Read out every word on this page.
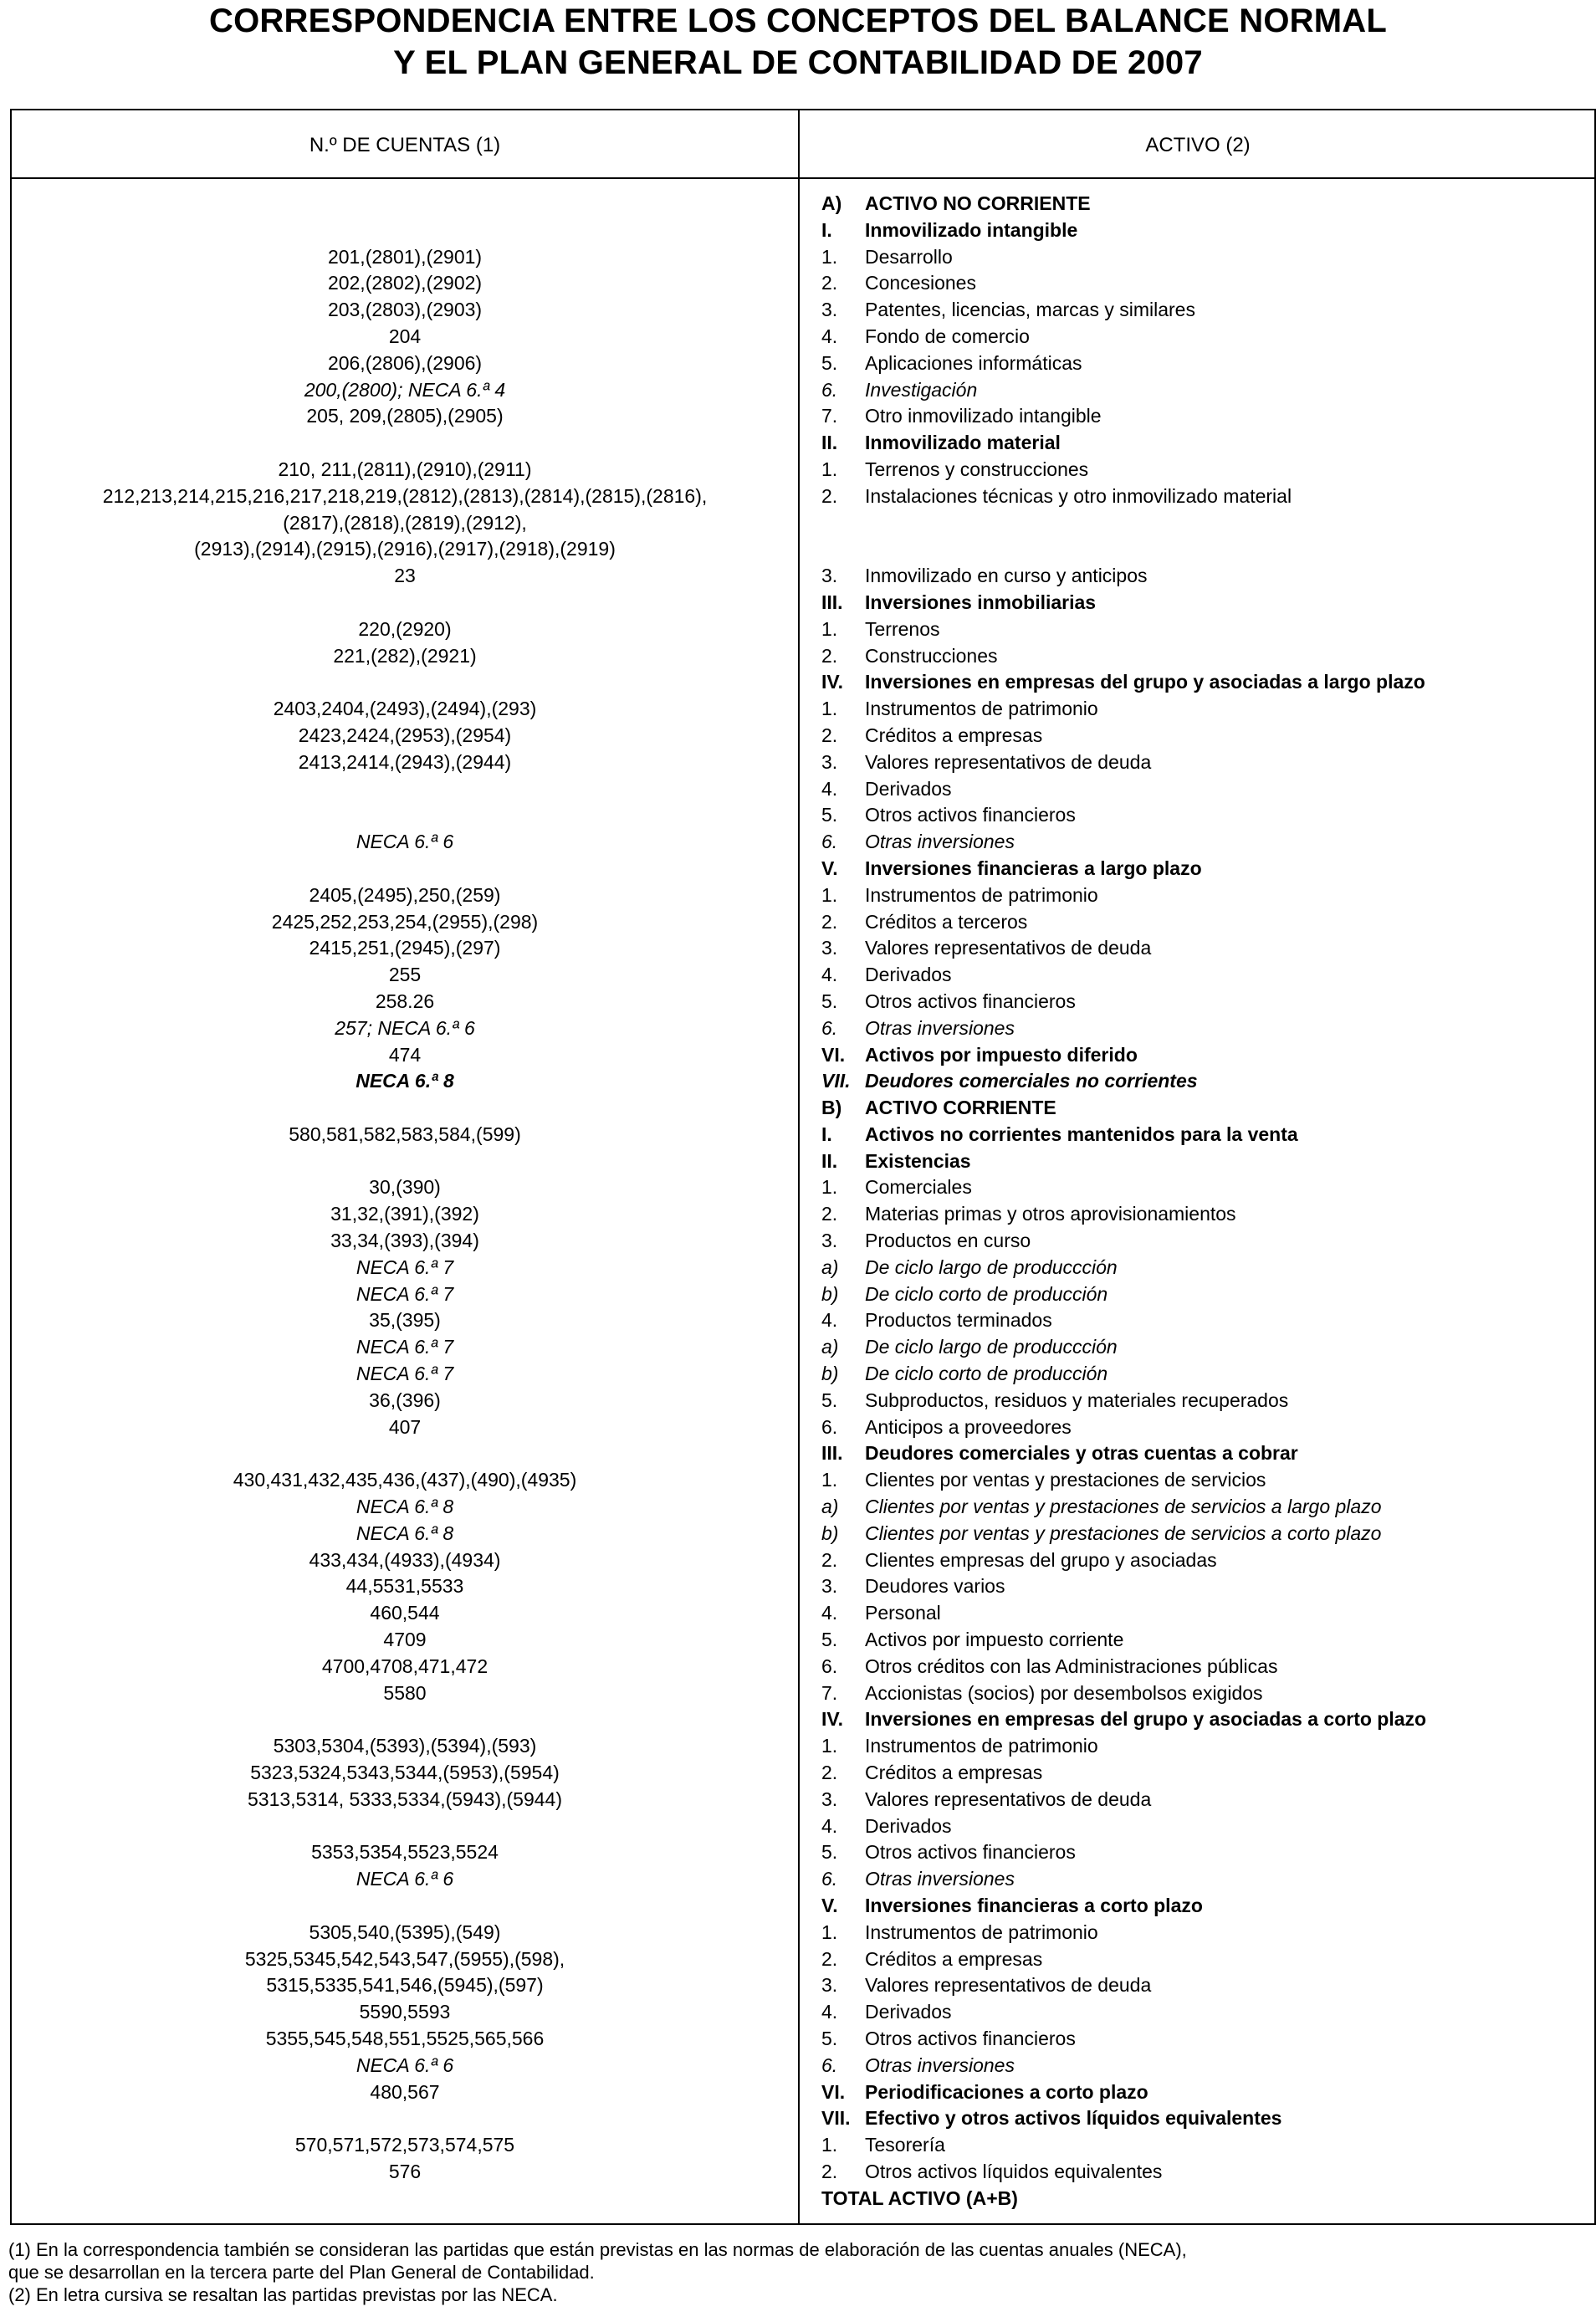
CORRESPONDENCIA ENTRE LOS CONCEPTOS DEL BALANCE NORMAL
Y EL PLAN GENERAL DE CONTABILIDAD DE 2007
N.º DE CUENTAS (1)	ACTIVO (2)
A) ACTIVO NO CORRIENTE
I. Inmovilizado intangible
201,(2801),(2901)	1. Desarrollo
202,(2802),(2902)	2. Concesiones
203,(2803),(2903)	3. Patentes, licencias, marcas y similares
204	4. Fondo de comercio
206,(2806),(2906)	5. Aplicaciones informáticas
200,(2800); NECA 6.ª 4	6. Investigación
205, 209,(2805),(2905)	7. Otro inmovilizado intangible
II. Inmovilizado material
210, 211,(2811),(2910),(2911)	1. Terrenos y construcciones
212,213,214,215,216,217,218,219,(2812),(2813),(2814),(2815),(2816),	2. Instalaciones técnicas y otro inmovilizado material
(2817),(2818),(2819),(2912),
(2913),(2914),(2915),(2916),(2917),(2918),(2919)
23	3. Inmovilizado en curso y anticipos
III. Inversiones inmobiliarias
220,(2920)	1. Terrenos
221,(282),(2921)	2. Construcciones
IV. Inversiones en empresas del grupo y asociadas a largo plazo
2403,2404,(2493),(2494),(293)	1. Instrumentos de patrimonio
2423,2424,(2953),(2954)	2. Créditos a empresas
2413,2414,(2943),(2944)	3. Valores representativos de deuda
4. Derivados
5. Otros activos financieros
NECA 6.ª 6	6. Otras inversiones
V. Inversiones financieras a largo plazo
2405,(2495),250,(259)	1. Instrumentos de patrimonio
2425,252,253,254,(2955),(298)	2. Créditos a terceros
2415,251,(2945),(297)	3. Valores representativos de deuda
255	4. Derivados
258.26	5. Otros activos financieros
257; NECA 6.ª 6	6. Otras inversiones
474	VI. Activos por impuesto diferido
NECA 6.ª 8	VII. Deudores comerciales no corrientes
B) ACTIVO CORRIENTE
580,581,582,583,584,(599)	I. Activos no corrientes mantenidos para la venta
II. Existencias
30,(390)	1. Comerciales
31,32,(391),(392)	2. Materias primas y otros aprovisionamientos
33,34,(393),(394)	3. Productos en curso
NECA 6.ª 7	a) De ciclo largo de produccción
NECA 6.ª 7	b) De ciclo corto de producción
35,(395)	4. Productos terminados
NECA 6.ª 7	a) De ciclo largo de produccción
NECA 6.ª 7	b) De ciclo corto de producción
36,(396)	5. Subproductos, residuos y materiales recuperados
407	6. Anticipos a proveedores
III. Deudores comerciales y otras cuentas a cobrar
430,431,432,435,436,(437),(490),(4935)	1. Clientes por ventas y prestaciones de servicios
NECA 6.ª 8	a) Clientes por ventas y prestaciones de servicios a largo plazo
NECA 6.ª 8	b) Clientes por ventas y prestaciones de servicios a corto plazo
433,434,(4933),(4934)	2. Clientes empresas del grupo y asociadas
44,5531,5533	3. Deudores varios
460,544	4. Personal
4709	5. Activos por impuesto corriente
4700,4708,471,472	6. Otros créditos con las Administraciones públicas
5580	7. Accionistas (socios) por desembolsos exigidos
IV. Inversiones en empresas del grupo y asociadas a corto plazo
5303,5304,(5393),(5394),(593)	1. Instrumentos de patrimonio
5323,5324,5343,5344,(5953),(5954)	2. Créditos a empresas
5313,5314, 5333,5334,(5943),(5944)	3. Valores representativos de deuda
4. Derivados
5353,5354,5523,5524	5. Otros activos financieros
NECA 6.ª 6	6. Otras inversiones
V. Inversiones financieras a corto plazo
5305,540,(5395),(549)	1. Instrumentos de patrimonio
5325,5345,542,543,547,(5955),(598),	2. Créditos a empresas
5315,5335,541,546,(5945),(597)	3. Valores representativos de deuda
5590,5593	4. Derivados
5355,545,548,551,5525,565,566	5. Otros activos financieros
NECA 6.ª 6	6. Otras inversiones
480,567	VI. Periodificaciones a corto plazo
VII. Efectivo y otros activos líquidos equivalentes
570,571,572,573,574,575	1. Tesorería
576	2. Otros activos líquidos equivalentes
TOTAL ACTIVO (A+B)
(1) En la correspondencia también se consideran las partidas que están previstas en las normas de elaboración de las cuentas anuales (NECA),
que se desarrollan en la tercera parte del Plan General de Contabilidad.
(2) En letra cursiva se resaltan las partidas previstas por las NECA.
